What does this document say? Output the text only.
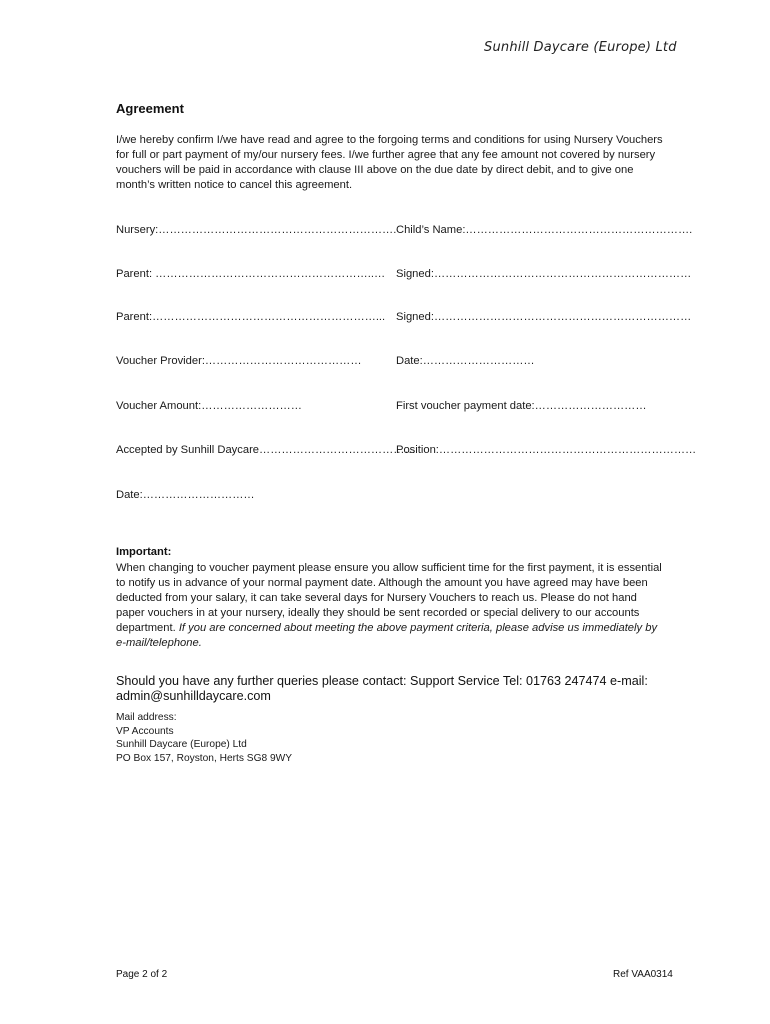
Sunhill Daycare (Europe) Ltd
Agreement
I/we hereby confirm I/we have read and agree to the forgoing terms and conditions for using Nursery Vouchers for full or part payment of my/our nursery fees. I/we further agree that any fee amount not covered by nursery vouchers will be paid in accordance with clause III above on the due date by direct debit, and to give one month’s written notice to cancel this agreement.
Nursery:………………………………………………………. Child’s Name:…………………………………………………….
Parent: …………………………………………………..… Signed:……………………………………………………………
Parent:……………………………………………………... Signed:……………………………………………………………
Voucher Provider:……………………………………	Date:…………………………
Voucher Amount:………………………	First voucher payment date:…………………………
Accepted by Sunhill Daycare……………………………………
Position:……………………………………………………………
Date:…………………………
Important:
When changing to voucher payment please ensure you allow sufficient time for the first payment, it is essential to notify us in advance of your normal payment date. Although the amount you have agreed may have been deducted from your salary, it can take several days for Nursery Vouchers to reach us. Please do not hand paper vouchers in at your nursery, ideally they should be sent recorded or special delivery to our accounts department. If you are concerned about meeting the above payment criteria, please advise us immediately by e-mail/telephone.
Should you have any further queries please contact: Support Service Tel: 01763 247474 e-mail: admin@sunhilldaycare.com
Mail address:
VP Accounts
Sunhill Daycare (Europe) Ltd
PO Box 157, Royston, Herts SG8 9WY
Page 2 of 2	Ref VAA0314
